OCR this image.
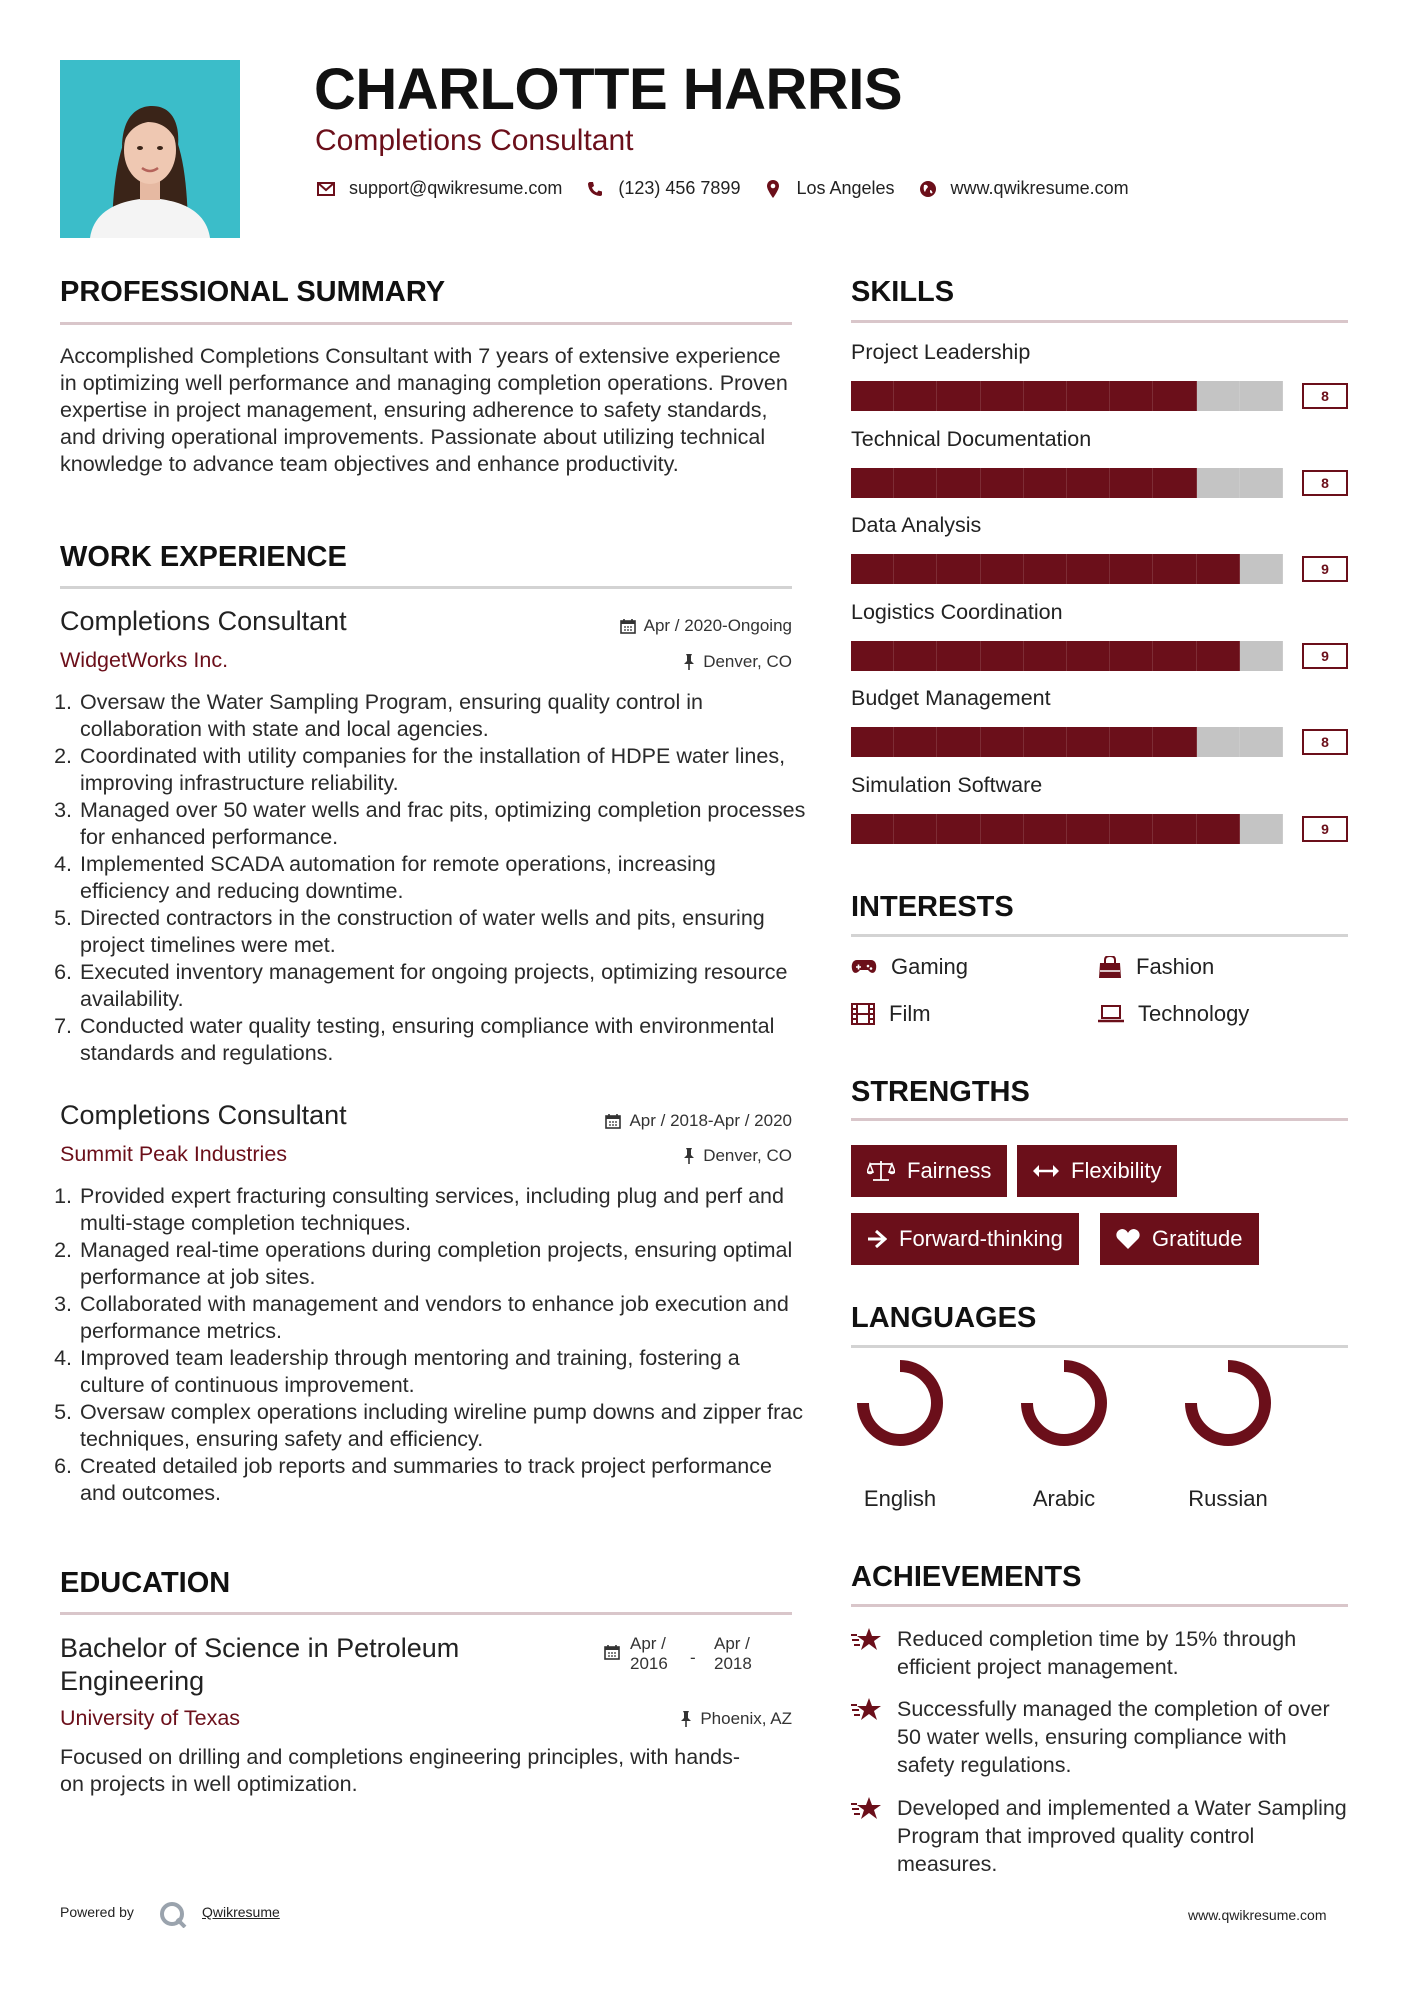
CHARLOTTE HARRIS
Completions Consultant
support@qwikresume.com	(123) 456 7899	Los Angeles	www.qwikresume.com
PROFESSIONAL SUMMARY
Accomplished Completions Consultant with 7 years of extensive experience in optimizing well performance and managing completion operations. Proven expertise in project management, ensuring adherence to safety standards, and driving operational improvements. Passionate about utilizing technical knowledge to advance team objectives and enhance productivity.
WORK EXPERIENCE
Completions Consultant	Apr / 2020-Ongoing
WidgetWorks Inc.	Denver, CO
1. Oversaw the Water Sampling Program, ensuring quality control in collaboration with state and local agencies.
2. Coordinated with utility companies for the installation of HDPE water lines, improving infrastructure reliability.
3. Managed over 50 water wells and frac pits, optimizing completion processes for enhanced performance.
4. Implemented SCADA automation for remote operations, increasing efficiency and reducing downtime.
5. Directed contractors in the construction of water wells and pits, ensuring project timelines were met.
6. Executed inventory management for ongoing projects, optimizing resource availability.
7. Conducted water quality testing, ensuring compliance with environmental standards and regulations.
Completions Consultant	Apr / 2018-Apr / 2020
Summit Peak Industries	Denver, CO
1. Provided expert fracturing consulting services, including plug and perf and multi-stage completion techniques.
2. Managed real-time operations during completion projects, ensuring optimal performance at job sites.
3. Collaborated with management and vendors to enhance job execution and performance metrics.
4. Improved team leadership through mentoring and training, fostering a culture of continuous improvement.
5. Oversaw complex operations including wireline pump downs and zipper frac techniques, ensuring safety and efficiency.
6. Created detailed job reports and summaries to track project performance and outcomes.
EDUCATION
Bachelor of Science in Petroleum Engineering
Apr / 2016	-
Apr / 2018
University of Texas	Phoenix, AZ
Focused on drilling and completions engineering principles, with hands-on projects in well optimization.
SKILLS
Project Leadership
8
Technical Documentation
8
Data Analysis
9
Logistics Coordination
9
Budget Management
8
Simulation Software
9
INTERESTS
Gaming	Fashion
Film	Technology
STRENGTHS
Fairness	Flexibility
Forward-thinking	Gratitude
LANGUAGES
English	Arabic	Russian
ACHIEVEMENTS
Reduced completion time by 15% through efficient project management.
Successfully managed the completion of over 50 water wells, ensuring compliance with safety regulations.
Developed and implemented a Water Sampling Program that improved quality control measures.
Powered by	Qwikresume	www.qwikresume.com
